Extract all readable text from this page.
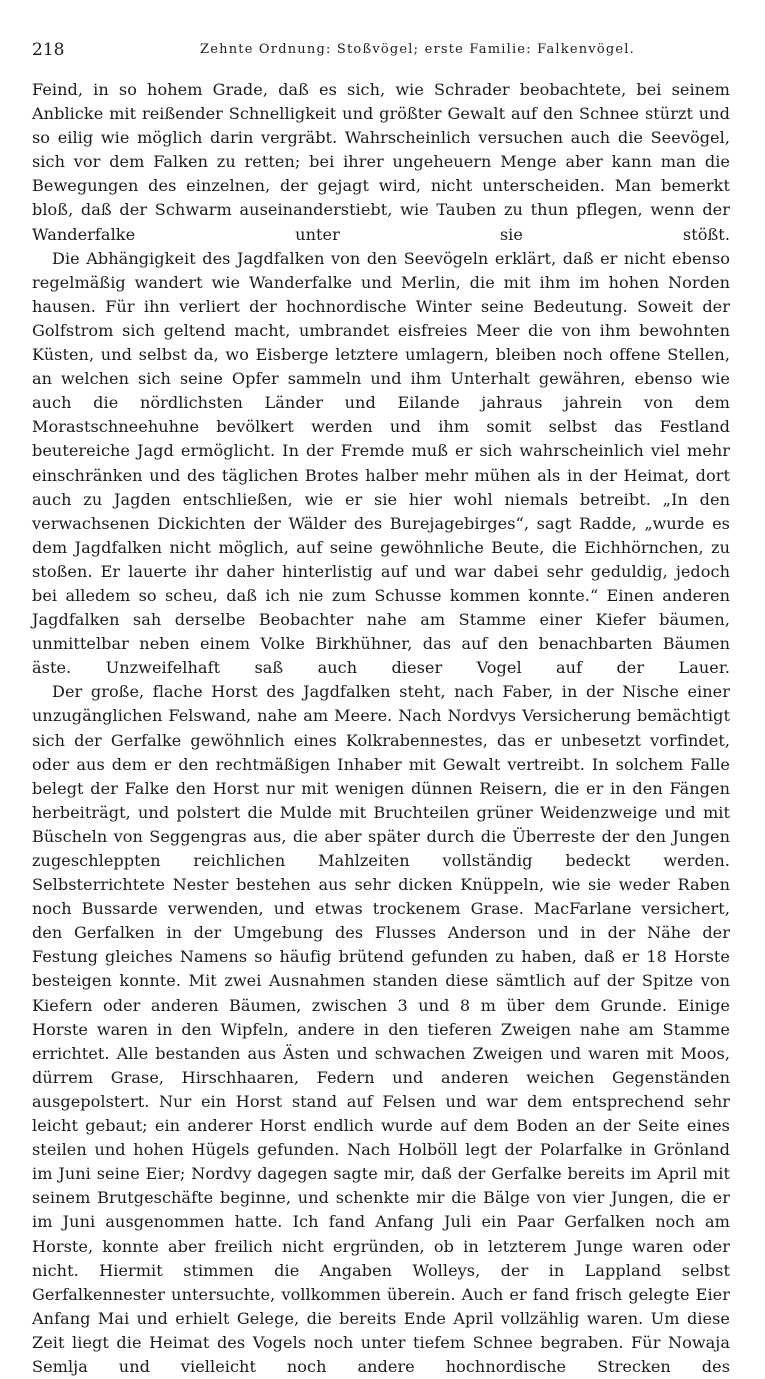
218	Zehnte Ordnung: Stoßvögel; erste Familie: Falkenvögel.

Feind, in so hohem Grade, daß es sich, wie Schrader beobachtete, bei seinem Anblicke mit reißender Schnelligkeit und größter Gewalt auf den Schnee stürzt und so eilig wie möglich darin vergräbt. Wahrscheinlich versuchen auch die Seevögel, sich vor dem Falken zu retten; bei ihrer ungeheuern Menge aber kann man die Bewegungen des einzelnen, der gejagt wird, nicht unterscheiden. Man bemerkt bloß, daß der Schwarm auseinanderstiebt, wie Tauben zu thun pflegen, wenn der Wanderfalke unter sie stößt.

Die Abhängigkeit des Jagdfalken von den Seevögeln erklärt, daß er nicht ebenso regelmäßig wandert wie Wanderfalke und Merlin, die mit ihm im hohen Norden hausen. Für ihn verliert der hochnordische Winter seine Bedeutung. Soweit der Golfstrom sich geltend macht, umbrandet eisfreies Meer die von ihm bewohnten Küsten, und selbst da, wo Eisberge letztere umlagern, bleiben noch offene Stellen, an welchen sich seine Opfer sammeln und ihm Unterhalt gewähren, ebenso wie auch die nördlichsten Länder und Eilande jahraus jahrein von dem Morastschneehuhne bevölkert werden und ihm somit selbst das Festland beutereiche Jagd ermöglicht. In der Fremde muß er sich wahrscheinlich viel mehr einschränken und des täglichen Brotes halber mehr mühen als in der Heimat, dort auch zu Jagden entschließen, wie er sie hier wohl niemals betreibt. „In den verwachsenen Dickichten der Wälder des Burejagebirges“, sagt Radde, „wurde es dem Jagdfalken nicht möglich, auf seine gewöhnliche Beute, die Eichhörnchen, zu stoßen. Er lauerte ihr daher hinterlistig auf und war dabei sehr geduldig, jedoch bei alledem so scheu, daß ich nie zum Schusse kommen konnte.“ Einen anderen Jagdfalken sah derselbe Beobachter nahe am Stamme einer Kiefer bäumen, unmittelbar neben einem Volke Birkhühner, das auf den benachbarten Bäumen äste. Unzweifelhaft saß auch dieser Vogel auf der Lauer.

Der große, flache Horst des Jagdfalken steht, nach Faber, in der Nische einer unzugänglichen Felswand, nahe am Meere. Nach Nordvys Versicherung bemächtigt sich der Gerfalke gewöhnlich eines Kolkrabennestes, das er unbesetzt vorfindet, oder aus dem er den rechtmäßigen Inhaber mit Gewalt vertreibt. In solchem Falle belegt der Falke den Horst nur mit wenigen dünnen Reisern, die er in den Fängen herbeiträgt, und polstert die Mulde mit Bruchteilen grüner Weidenzweige und mit Büscheln von Seggengras aus, die aber später durch die Überreste der den Jungen zugeschleppten reichlichen Mahlzeiten vollständig bedeckt werden. Selbsterrichtete Nester bestehen aus sehr dicken Knüppeln, wie sie weder Raben noch Bussarde verwenden, und etwas trockenem Grase. MacFarlane versichert, den Gerfalken in der Umgebung des Flusses Anderson und in der Nähe der Festung gleiches Namens so häufig brütend gefunden zu haben, daß er 18 Horste besteigen konnte. Mit zwei Ausnahmen standen diese sämtlich auf der Spitze von Kiefern oder anderen Bäumen, zwischen 3 und 8 m über dem Grunde. Einige Horste waren in den Wipfeln, andere in den tieferen Zweigen nahe am Stamme errichtet. Alle bestanden aus Ästen und schwachen Zweigen und waren mit Moos, dürrem Grase, Hirschhaaren, Federn und anderen weichen Gegenständen ausgepolstert. Nur ein Horst stand auf Felsen und war dem entsprechend sehr leicht gebaut; ein anderer Horst endlich wurde auf dem Boden an der Seite eines steilen und hohen Hügels gefunden. Nach Holböll legt der Polarfalke in Grönland im Juni seine Eier; Nordvy dagegen sagte mir, daß der Gerfalke bereits im April mit seinem Brutgeschäfte beginne, und schenkte mir die Bälge von vier Jungen, die er im Juni ausgenommen hatte. Ich fand Anfang Juli ein Paar Gerfalken noch am Horste, konnte aber freilich nicht ergründen, ob in letzterem Junge waren oder nicht. Hiermit stimmen die Angaben Wolleys, der in Lappland selbst Gerfalkennester untersuchte, vollkommen überein. Auch er fand frisch gelegte Eier Anfang Mai und erhielt Gelege, die bereits Ende April vollzählig waren. Um diese Zeit liegt die Heimat des Vogels noch unter tiefem Schnee begraben. Für Nowaja Semlja und vielleicht noch andere hochnordische Strecken des
